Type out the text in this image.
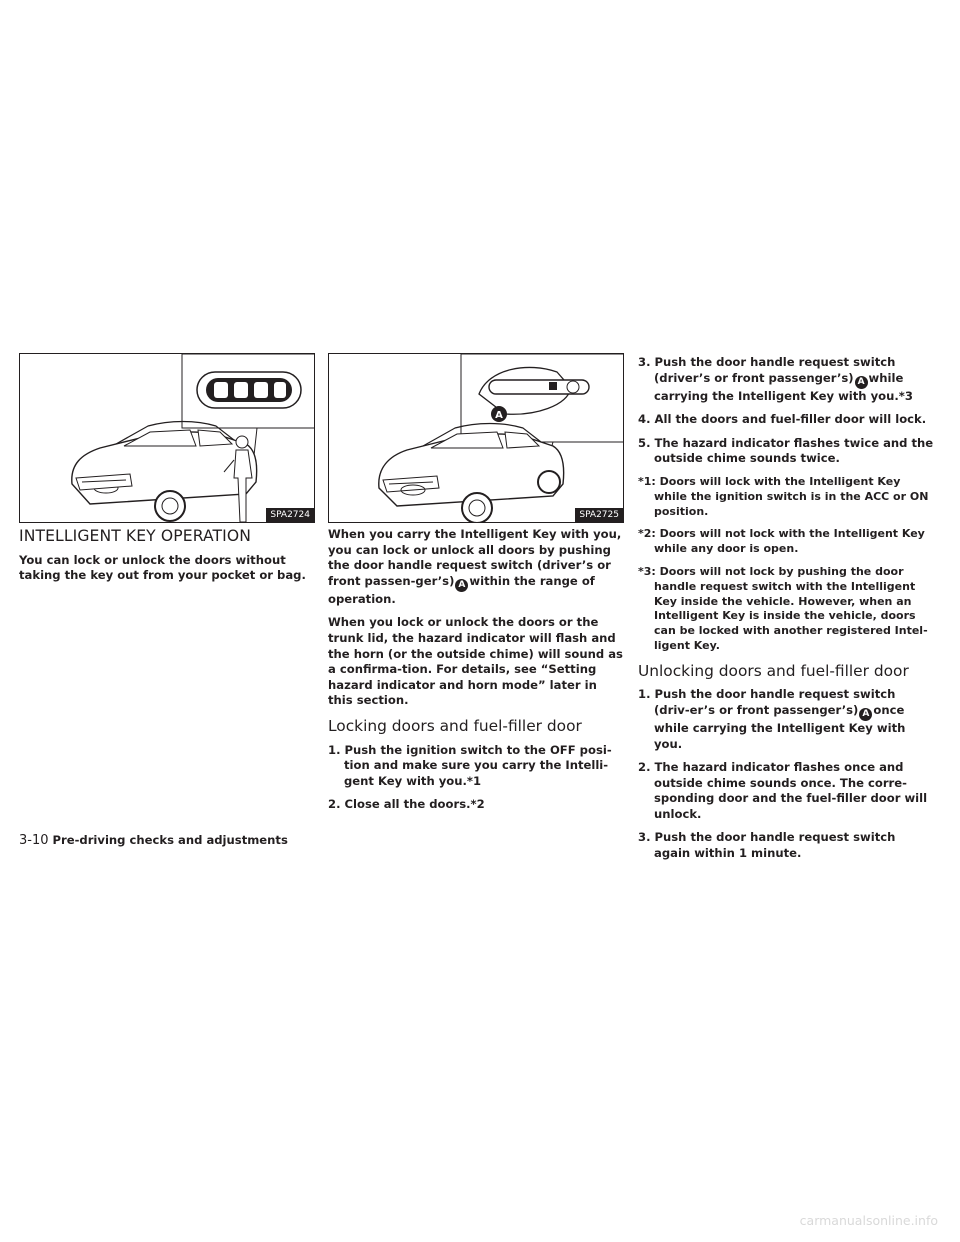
SPA2724
A
SPA2725
INTELLIGENT KEY OPERATION

You can lock or unlock the doors without taking the key out from your pocket or bag.

When you carry the Intelligent Key with you, you can lock or unlock all doors by pushing the door handle request switch (driver’s or front passen-ger’s) A within the range of operation.

When you lock or unlock the doors or the trunk lid, the hazard indicator will flash and the horn (or the outside chime) will sound as a confirma-tion. For details, see “Setting hazard indicator and horn mode” later in this section.

Locking doors and fuel-filler door

1. Push the ignition switch to the OFF posi-tion and make sure you carry the Intelli-gent Key with you.*1

2. Close all the doors.*2

3. Push the door handle request switch (driver’s or front passenger’s) A while carrying the Intelligent Key with you.*3

4. All the doors and fuel-filler door will lock.

5. The hazard indicator flashes twice and the outside chime sounds twice.

*1: Doors will lock with the Intelligent Key while the ignition switch is in the ACC or ON position.

*2: Doors will not lock with the Intelligent Key while any door is open.

*3: Doors will not lock by pushing the door handle request switch with the Intelligent Key inside the vehicle. However, when an Intelligent Key is inside the vehicle, doors can be locked with another registered Intel-ligent Key.

Unlocking doors and fuel-filler door

1. Push the door handle request switch (driv-er’s or front passenger’s) A once while carrying the Intelligent Key with you.

2. The hazard indicator flashes once and outside chime sounds once. The corre-sponding door and the fuel-filler door will unlock.

3. Push the door handle request switch again within 1 minute.

3-10 Pre-driving checks and adjustments
carmanualsonline.info
